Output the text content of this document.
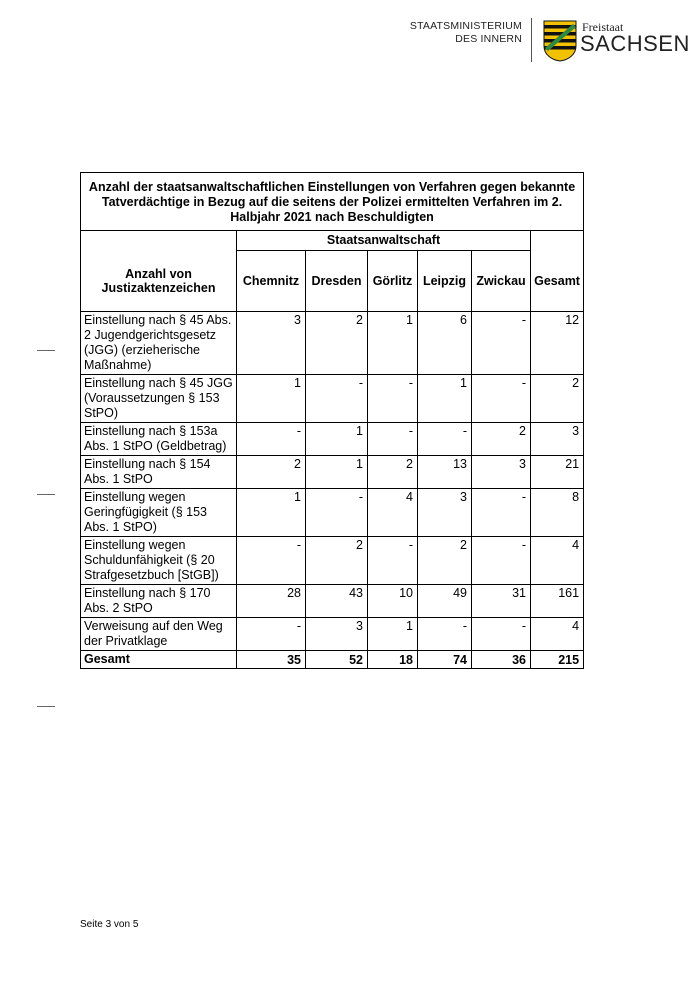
STAATSMINISTERIUM
DES INNERN
Freistaat
SACHSEN
Anzahl der staatsanwaltschaftlichen Einstellungen von Verfahren gegen bekannte Tatverdächtige in Bezug auf die seitens der Polizei ermittelten Verfahren im 2. Halbjahr 2021 nach Beschuldigten						
	Staatsanwaltschaft					
Anzahl von Justizaktenzeichen	Chemnitz	Dresden	Görlitz	Leipzig	Zwickau	Gesamt
Einstellung nach § 45 Abs. 2 Jugendgerichtsgesetz (JGG) (erzieherische Maßnahme)	3	2	1	6	-	12
Einstellung nach § 45 JGG (Voraussetzungen § 153 StPO)	1	-	-	1	-	2
Einstellung nach § 153a Abs. 1 StPO (Geldbetrag)	-	1	-	-	2	3
Einstellung nach § 154 Abs. 1 StPO	2	1	2	13	3	21
Einstellung wegen Geringfügigkeit (§ 153 Abs. 1 StPO)	1	-	4	3	-	8
Einstellung wegen Schuldunfähigkeit (§ 20 Strafgesetzbuch [StGB])	-	2	-	2	-	4
Einstellung nach § 170 Abs. 2 StPO	28	43	10	49	31	161
Verweisung auf den Weg der Privatklage	-	3	1	-	-	4
Gesamt	35	52	18	74	36	215
Seite 3 von 5
